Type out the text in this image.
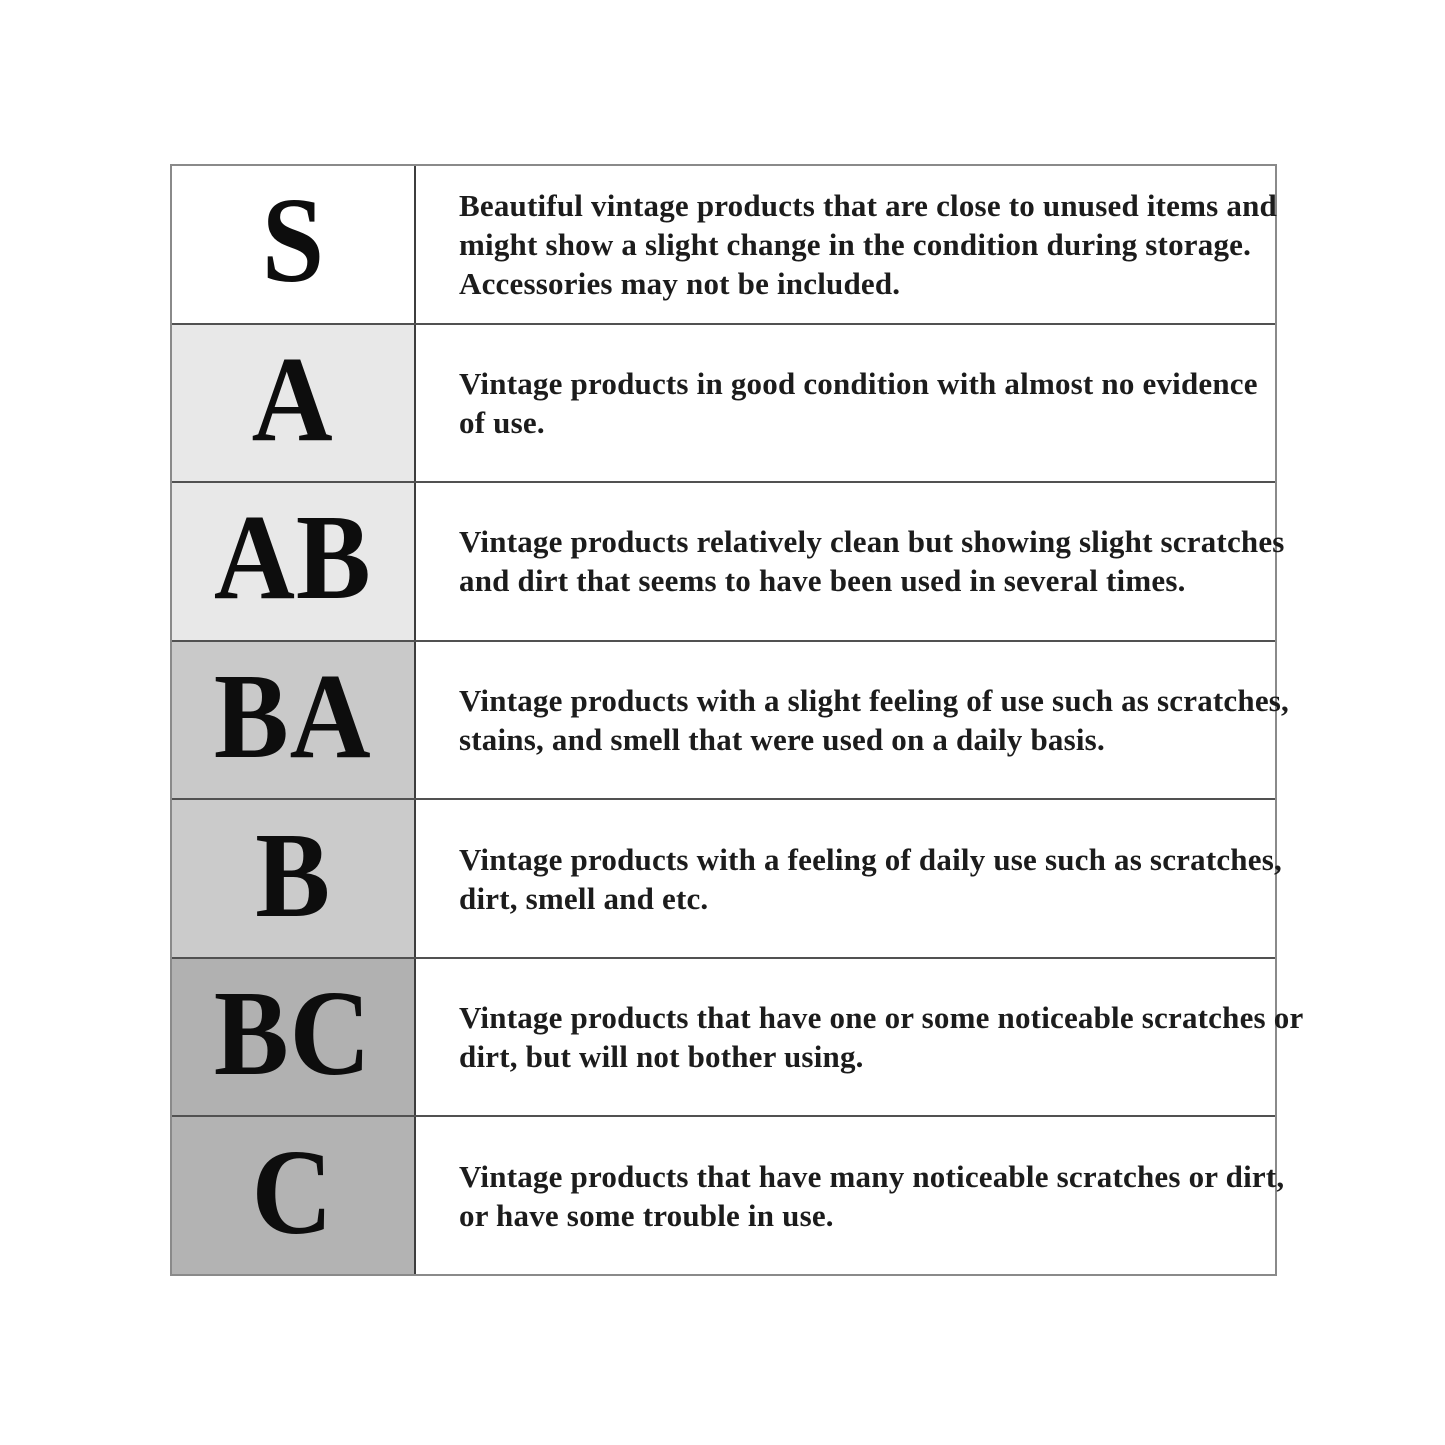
S	Beautiful vintage products that are close to unused items and
might show a slight change in the condition during storage.
Accessories may not be included.
A	Vintage products in good condition with almost no evidence
of use.
AB	Vintage products relatively clean but showing slight scratches
and dirt that seems to have been used in several times.
BA	Vintage products with a slight feeling of use such as scratches,
stains, and smell that were used on a daily basis.
B	Vintage products with a feeling of daily use such as scratches,
dirt, smell and etc.
BC	Vintage products that have one or some noticeable scratches or
dirt, but will not bother using.
C	Vintage products that have many noticeable scratches or dirt,
or have some trouble in use.
